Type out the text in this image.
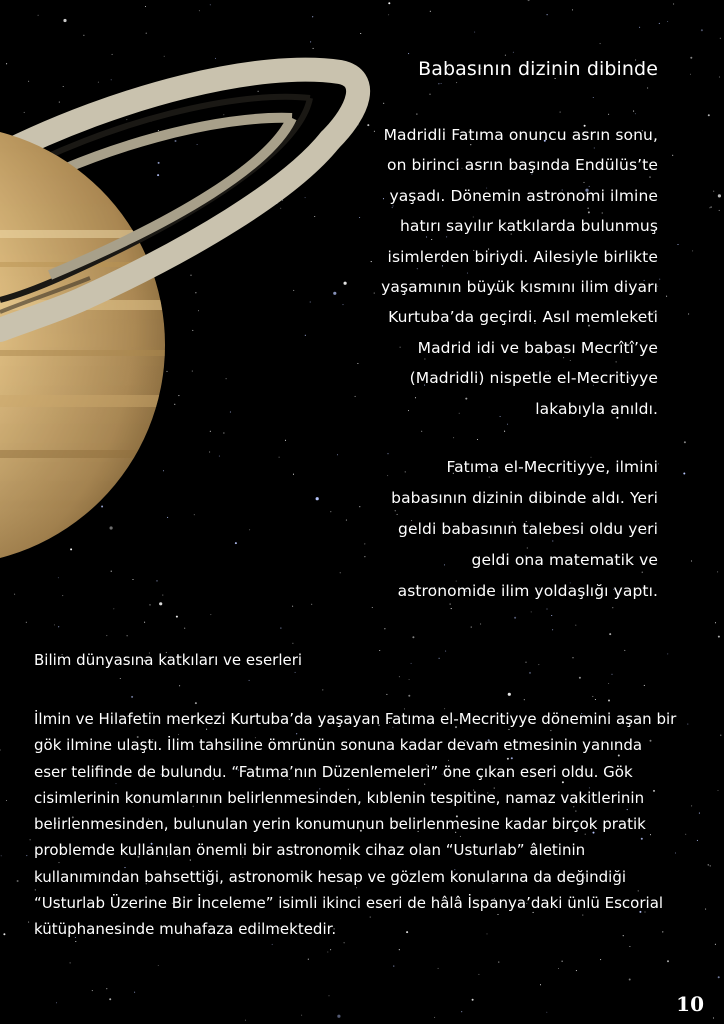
Babasının dizinin dibinde
Madridli Fatıma onuncu asrın sonu,
on birinci asrın başında Endülüs’te
yaşadı. Dönemin astronomi ilmine
hatırı sayılır katkılarda bulunmuş
isimlerden biriydi. Ailesiyle birlikte
yaşamının büyük kısmını ilim diyarı
Kurtuba’da geçirdi. Asıl memleketi
Madrid idi ve babası Mecrîtî’ye
(Madridli) nispetle el-Mecritiyye
lakabıyla anıldı.
Fatıma el-Mecritiyye, ilmini
babasının dizinin dibinde aldı. Yeri
geldi babasının talebesi oldu yeri
geldi ona matematik ve
astronomide ilim yoldaşlığı yaptı.
Bilim dünyasına katkıları ve eserleri
İlmin ve Hilafetin merkezi Kurtuba’da yaşayan Fatıma el-Mecritiyye dönemini aşan bir
gök ilmine ulaştı. İlim tahsiline ömrünün sonuna kadar devam etmesinin yanında
eser telifinde de bulundu. “Fatıma’nın Düzenlemeleri” öne çıkan eseri oldu. Gök
cisimlerinin konumlarının belirlenmesinden, kıblenin tespitine, namaz vakitlerinin
belirlenmesinden, bulunulan yerin konumunun belirlenmesine kadar birçok pratik
problemde kullanılan önemli bir astronomik cihaz olan “Usturlab” âletinin
kullanımından bahsettiği, astronomik hesap ve gözlem konularına da değindiği
“Usturlab Üzerine Bir İnceleme” isimli ikinci eseri de hâlâ İspanya’daki ünlü Escorial
kütüphanesinde muhafaza edilmektedir.
10
